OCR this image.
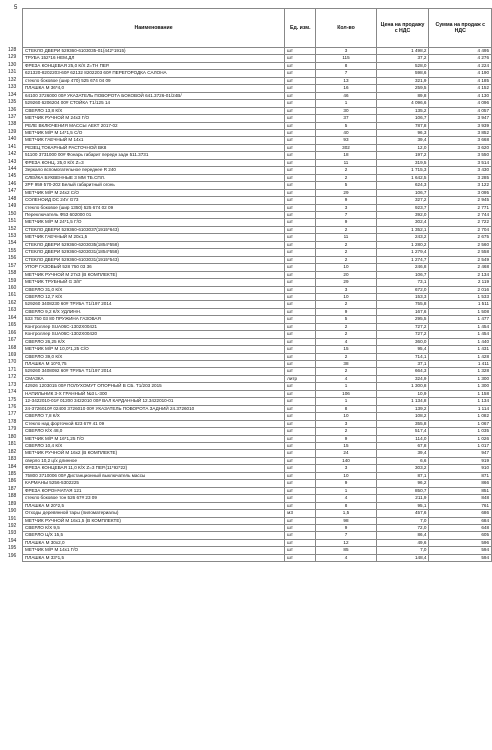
5
128
129
130
131
132
133
134
135
136
137
138
139
140
141
142
143
144
145
146
147
148
149
150
151
152
153
154
155
156
157
158
159
160
161
162
163
164
165
166
167
168
169
170
171
172
173
174
175
176
177
178
179
180
181
182
183
184
185
186
187
188
189
190
191
192
193
194
195
196
Наименование	Ед. изм.	Кол-во	Цена на продажу с НДС	Сумма на продаж с НДС
СТЕКЛО ДВЕРИ 529360-6103035-01(442*1915)	шт	3	1 498,2	4 495
ТРУБА 152*16 НЕМ.ДЛ	шт	115	37,2	4 276
ФРЕЗА КОНЦЕВАЯ 25,0 К/Х Z=TH ПЕР.	шт	8	528,0	4 224
621320-8202203-60# 62132 8202203 60# ПЕРЕГОРОДКА САЛОНА	шт	7	598,6	4 190
стекло боковое (шир 470) 525 674 04 09	шт	13	321,9	4 185
ПЛАШКА М 36*4,0	шт	16	259,5	4 152
64100 3726000 00# УКАЗАТЕЛЬ ПОВОРОТА БОКОВОЙ 641.3726-01/24В/	шт	46	89,8	4 130
529260 6206204 00# СТОЙКА Т1/125 14	шт	1	4 096,6	4 096
СВЕРЛО 13,8 К/Х	шт	30	135,2	4 057
МЕТЧИК РУЧНОЙ М 24х3 Г/О	шт	37	106,7	3 947
РЕЛЕ ВКЛЮЧЕНИЯ МАССЫ АЕКТ 2017-02	шт	5	787,8	3 939
МЕТЧИК М/Р М 14*1,5 С/О	шт	40	96,3	3 852
МЕТЧИК ГАЕЧНЫЙ М 14х1	шт	93	39,4	3 668
РЕЗЕЦ ТОКАРНЫЙ РАСТОЧНОЙ ВК8	шт	302	12,0	3 620
51100 3731000 00# Фонарь габарит передн задн 511.3731	шт	18	197,2	3 550
ФРЕЗА КОНЦ. 25,0 К/Х Z=3	шт	11	319,5	3 514
Зеркало вспомогательное переднее R 240	шт	2	1 715,3	3 430
СЛЕЙКА БУКВЕННЫЕ 3 ММ ТБ.СПЛ.	шт	2	1 642,5	3 285
2PF 959 570-202 Белый габаритный огонь	шт	5	624,3	3 122
МЕТЧИК М/Р М 24х2 С/О	шт	29	106,7	3 095
СОЛЕНОИД DC 24V G73	шт	9	327,2	2 945
стекло боковое (шир 1350) 525 674 02 09	шт	3	923,7	2 771
Переключатель Ф53 602000 01	шт	7	392,0	2 744
МЕТЧИК М/Р М 24*1,5 Г/О	шт	9	302,4	2 722
СТЕКЛО ДВЕРИ 529360-6103037(1915*643)	шт	2	1 352,1	2 704
МЕТЧИК ГАЕЧНЫЙ М 20х1,5	шт	11	243,2	2 675
СТЕКЛО ДВЕРИ 529360-6203035(1854*558)	шт	2	1 280,2	2 560
СТЕКЛО ДВЕРИ 529360-6203031(1854*558)	шт	2	1 279,4	2 558
СТЕКЛО ДВЕРИ 529360-6103031(1915*543)	шт	2	1 274,7	2 549
УПОР ГАЗОВЫЙ 528 750 03 36	шт	10	246,8	2 468
МЕТЧИК РУЧНОЙ М 27х3 (В КОМПЛЕКТЕ)	шт	20	106,7	2 134
МЕТЧИК ТРУБНЫЙ G 3/8"	шт	29	73,1	2 119
СВЕРЛО 31,0 К/Х	шт	3	672,0	2 016
СВЕРЛО 12,7 К/Х	шт	10	153,3	1 533
529260 3408230 60# ТРУБА Т1/197 2014	шт	2	755,8	1 511
СВЕРЛО 9,2 К/Х УДЛИНН.	шт	9	167,6	1 508
533 750 03 80 ПРУЖИНА ГАЗОВАЯ	шт	5	295,5	1 477
Контроллер SUA06C-1302X00421	шт	2	727,2	1 454
Контроллер SUA06C-1302X00420	шт	2	727,2	1 454
СВЕРЛО 26,25 К/Х	шт	4	360,0	1 440
МЕТЧИК М/Р М 10,0*1,25 С/О	шт	15	95,4	1 431
СВЕРЛО 39,0 К/Х	шт	2	714,1	1 428
ПЛАШКА М 10*0,75	шт	38	37,1	1 411
529260 3408092 60# ТРУБА Т1/197 2014	шт	2	664,3	1 328
СМАЗКА	литр	4	324,9	1 300
42926 1203015 00# ПОЛУХОМУТ ОПОРНЫЙ В СБ. Т1/203 2015	шт	1	1 300,8	1 300
НАПИЛЬНИК 3-Х ГРАННЫЙ №3 L-300	шт	106	10,9	1 158
12-3422010-01# 01200 3422010 00# ВАЛ КАРДАННЫЙ 12.3422010-01	шт	1	1 134,8	1 134
24-3726010# 02400 3726010 00# УКАЗАТЕЛЬ ПОВОРОТА ЗАДНИЙ 24.3726010	шт	8	139,2	1 114
СВЕРЛО 7,8 К/Х	шт	10	108,2	1 082
Стекло над форточкой 623 67# 41 09	шт	3	355,8	1 067
СВЕРЛО К/Х 48,0	шт	2	517,4	1 035
МЕТЧИК М/Р М 16*1,25 Г/О	шт	9	114,0	1 026
СВЕРЛО 10,4 К/Х	шт	15	67,8	1 017
МЕТЧИК РУЧНОЙ М 16х2 (В КОМПЛЕКТЕ)	шт	24	39,4	947
сверло 10,2 ц/х длинное	шт	140	6,6	919
ФРЕЗА КОНЦЕВАЯ 11,0 К/Х Z=3 ПЕР.(11*92*22)	шт	3	303,2	910
75800 3710006 00# Дистанционный выключатель массы	шт	10	87,1	871
КАРМАНЫ 5256-5302225	шт	9	96,2	866
ФРЕЗА КОРОНЧАТАЯ 121	шт	1	850,7	851
стекло боковое тон 526 67# 23 09	шт	4	211,9	848
ПЛАШКА М 20*2,5	шт	8	95,1	761
Отходы деревянной тары (пиломатериалы)	м3	1,5	457,6	686
МЕТЧИК РУЧНОЙ М 16х1,5 (В КОМПЛЕКТЕ)	шт	98	7,0	684
СВЕРЛО К/Х 9,5	шт	9	72,0	648
СВЕРЛО Ц/Х 15,5	шт	7	86,4	605
ПЛАШКА М 30х2,0	шт	12	49,6	596
МЕТЧИК М/Р М 14х1 Г/О	шт	85	7,0	594
ПЛАШКА М 33*1,5	шт	4	148,4	594
